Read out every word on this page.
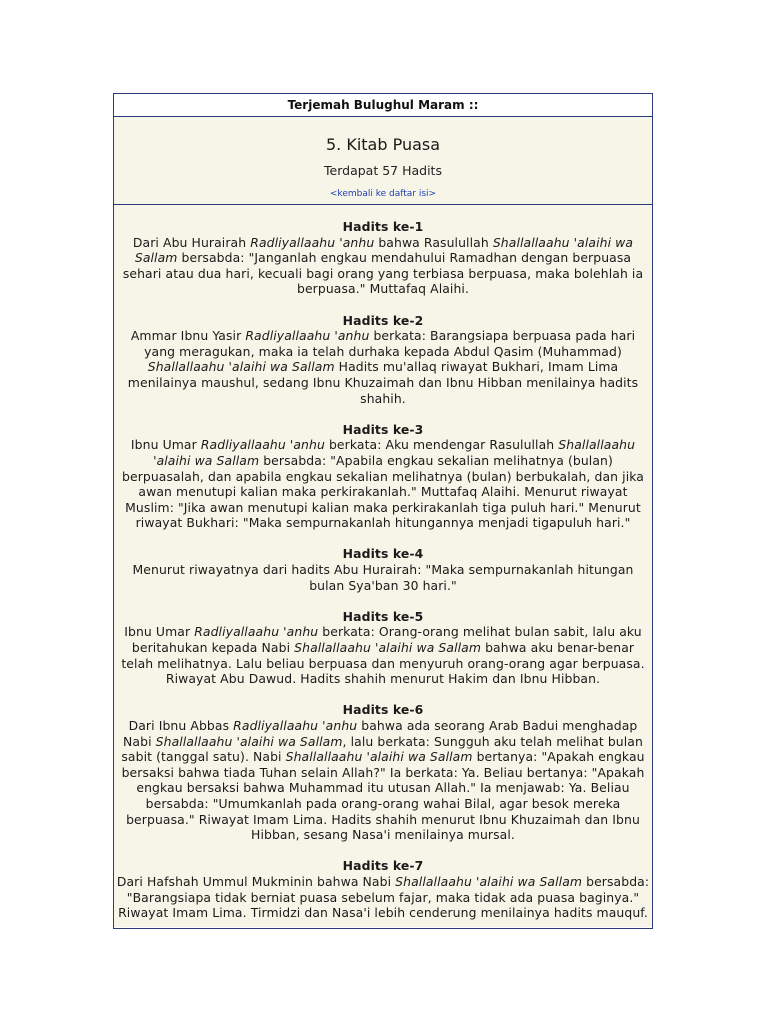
Terjemah Bulughul Maram ::
5. Kitab Puasa
Terdapat 57 Hadits
<kembali ke daftar isi>
Hadits ke-1
Dari Abu Hurairah Radliyallaahu 'anhu bahwa Rasulullah Shallallaahu 'alaihi wa Sallam bersabda: "Janganlah engkau mendahului Ramadhan dengan berpuasa sehari atau dua hari, kecuali bagi orang yang terbiasa berpuasa, maka bolehlah ia berpuasa." Muttafaq Alaihi.
Hadits ke-2
Ammar Ibnu Yasir Radliyallaahu 'anhu berkata: Barangsiapa berpuasa pada hari yang meragukan, maka ia telah durhaka kepada Abdul Qasim (Muhammad) Shallallaahu 'alaihi wa Sallam Hadits mu'allaq riwayat Bukhari, Imam Lima menilainya maushul, sedang Ibnu Khuzaimah dan Ibnu Hibban menilainya hadits shahih.
Hadits ke-3
Ibnu Umar Radliyallaahu 'anhu berkata: Aku mendengar Rasulullah Shallallaahu 'alaihi wa Sallam bersabda: "Apabila engkau sekalian melihatnya (bulan) berpuasalah, dan apabila engkau sekalian melihatnya (bulan) berbukalah, dan jika awan menutupi kalian maka perkirakanlah." Muttafaq Alaihi. Menurut riwayat Muslim: "Jika awan menutupi kalian maka perkirakanlah tiga puluh hari." Menurut riwayat Bukhari: "Maka sempurnakanlah hitungannya menjadi tigapuluh hari."
Hadits ke-4
Menurut riwayatnya dari hadits Abu Hurairah: "Maka sempurnakanlah hitungan bulan Sya'ban 30 hari."
Hadits ke-5
Ibnu Umar Radliyallaahu 'anhu berkata: Orang-orang melihat bulan sabit, lalu aku beritahukan kepada Nabi Shallallaahu 'alaihi wa Sallam bahwa aku benar-benar telah melihatnya. Lalu beliau berpuasa dan menyuruh orang-orang agar berpuasa. Riwayat Abu Dawud. Hadits shahih menurut Hakim dan Ibnu Hibban.
Hadits ke-6
Dari Ibnu Abbas Radliyallaahu 'anhu bahwa ada seorang Arab Badui menghadap Nabi Shallallaahu 'alaihi wa Sallam, lalu berkata: Sungguh aku telah melihat bulan sabit (tanggal satu). Nabi Shallallaahu 'alaihi wa Sallam bertanya: "Apakah engkau bersaksi bahwa tiada Tuhan selain Allah?" Ia berkata: Ya. Beliau bertanya: "Apakah engkau bersaksi bahwa Muhammad itu utusan Allah." Ia menjawab: Ya. Beliau bersabda: "Umumkanlah pada orang-orang wahai Bilal, agar besok mereka berpuasa." Riwayat Imam Lima. Hadits shahih menurut Ibnu Khuzaimah dan Ibnu Hibban, sesang Nasa'i menilainya mursal.
Hadits ke-7
Dari Hafshah Ummul Mukminin bahwa Nabi Shallallaahu 'alaihi wa Sallam bersabda: "Barangsiapa tidak berniat puasa sebelum fajar, maka tidak ada puasa baginya." Riwayat Imam Lima. Tirmidzi dan Nasa'i lebih cenderung menilainya hadits mauquf.
